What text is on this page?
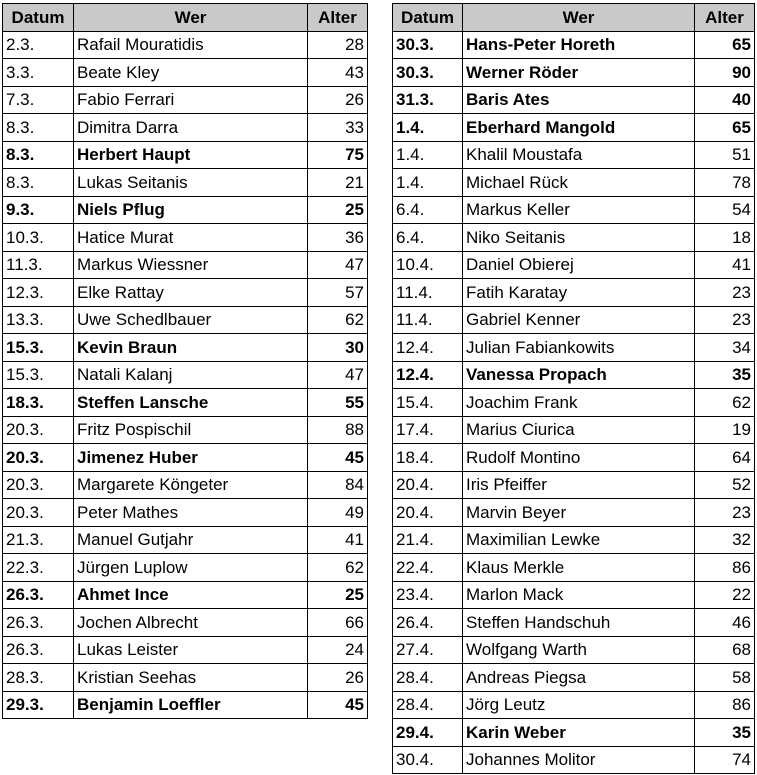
Datum	Wer	Alter
2.3.	Rafail Mouratidis	28
3.3.	Beate Kley	43
7.3.	Fabio Ferrari	26
8.3.	Dimitra Darra	33
8.3.	Herbert Haupt	75
8.3.	Lukas Seitanis	21
9.3.	Niels Pflug	25
10.3.	Hatice Murat	36
11.3.	Markus Wiessner	47
12.3.	Elke Rattay	57
13.3.	Uwe Schedlbauer	62
15.3.	Kevin Braun	30
15.3.	Natali Kalanj	47
18.3.	Steffen Lansche	55
20.3.	Fritz Pospischil	88
20.3.	Jimenez Huber	45
20.3.	Margarete Köngeter	84
20.3.	Peter Mathes	49
21.3.	Manuel Gutjahr	41
22.3.	Jürgen Luplow	62
26.3.	Ahmet Ince	25
26.3.	Jochen Albrecht	66
26.3.	Lukas Leister	24
28.3.	Kristian Seehas	26
29.3.	Benjamin Loeffler	45
Datum	Wer	Alter
30.3.	Hans-Peter Horeth	65
30.3.	Werner Röder	90
31.3.	Baris Ates	40
1.4.	Eberhard Mangold	65
1.4.	Khalil Moustafa	51
1.4.	Michael Rück	78
6.4.	Markus Keller	54
6.4.	Niko Seitanis	18
10.4.	Daniel Obierej	41
11.4.	Fatih Karatay	23
11.4.	Gabriel Kenner	23
12.4.	Julian Fabiankowits	34
12.4.	Vanessa Propach	35
15.4.	Joachim Frank	62
17.4.	Marius Ciurica	19
18.4.	Rudolf Montino	64
20.4.	Iris Pfeiffer	52
20.4.	Marvin Beyer	23
21.4.	Maximilian Lewke	32
22.4.	Klaus Merkle	86
23.4.	Marlon Mack	22
26.4.	Steffen Handschuh	46
27.4.	Wolfgang Warth	68
28.4.	Andreas Piegsa	58
28.4.	Jörg Leutz	86
29.4.	Karin Weber	35
30.4.	Johannes Molitor	74
